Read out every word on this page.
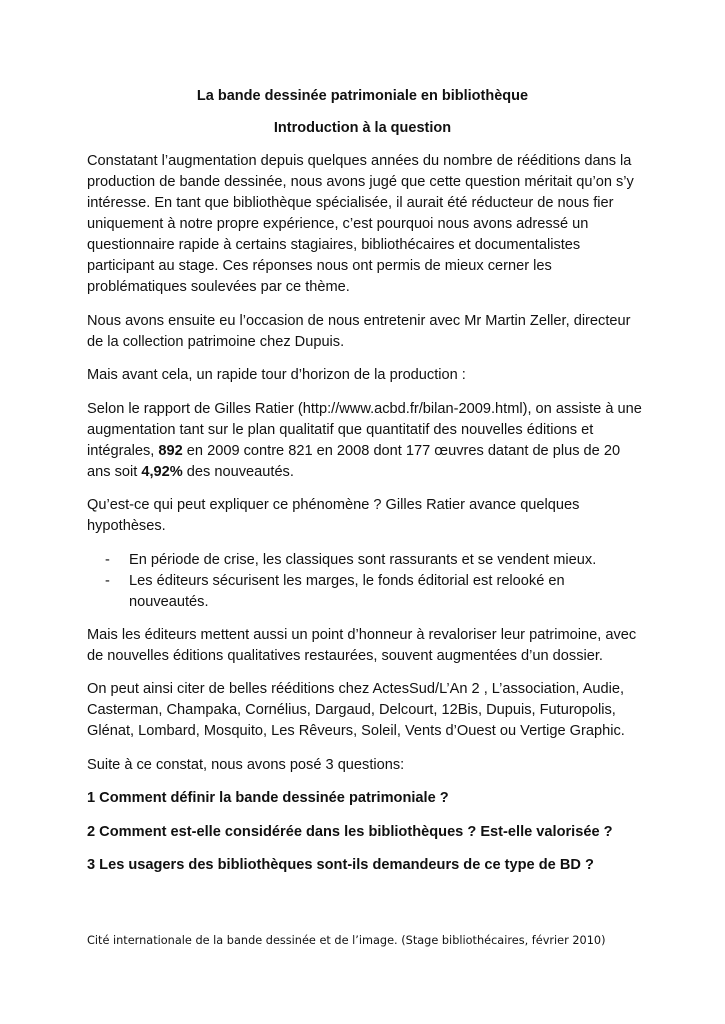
La bande dessinée patrimoniale en bibliothèque

Introduction à la question

Constatant l’augmentation depuis quelques années du nombre de rééditions dans la production de bande dessinée, nous avons jugé que cette question méritait qu’on s’y intéresse. En tant que bibliothèque spécialisée, il aurait été réducteur de nous fier uniquement à notre propre expérience, c’est pourquoi nous avons adressé un questionnaire rapide à certains stagiaires, bibliothécaires et documentalistes participant au stage. Ces réponses nous ont permis de mieux cerner les problématiques soulevées par ce thème.

Nous avons ensuite eu l’occasion de nous entretenir avec Mr Martin Zeller, directeur de la collection patrimoine chez Dupuis.

Mais avant cela, un rapide tour d’horizon de la production :

Selon le rapport de Gilles Ratier (http://www.acbd.fr/bilan-2009.html), on assiste à une augmentation tant sur le plan qualitatif que quantitatif des nouvelles éditions et intégrales, 892 en 2009 contre 821 en 2008 dont 177 œuvres datant de plus de 20 ans soit 4,92% des nouveautés.

Qu’est-ce qui peut expliquer ce phénomène ? Gilles Ratier avance quelques hypothèses.

- En période de crise, les classiques sont rassurants et se vendent mieux.
- Les éditeurs sécurisent les marges, le fonds éditorial est relooké en nouveautés.

Mais les éditeurs mettent aussi un point d’honneur à revaloriser leur patrimoine, avec de nouvelles éditions qualitatives restaurées, souvent augmentées d’un dossier.

On peut ainsi citer de belles rééditions chez ActesSud/L’An 2 , L’association, Audie, Casterman, Champaka, Cornélius, Dargaud, Delcourt, 12Bis, Dupuis, Futuropolis, Glénat, Lombard, Mosquito, Les Rêveurs, Soleil, Vents d’Ouest ou Vertige Graphic.

Suite à ce constat, nous avons posé 3 questions:

1 Comment définir la bande dessinée patrimoniale ?

2 Comment est-elle considérée dans les bibliothèques ? Est-elle valorisée ?

3 Les usagers des bibliothèques sont-ils demandeurs de ce type de BD ?

Cité internationale de la bande dessinée et de l’image. (Stage bibliothécaires, février 2010)
